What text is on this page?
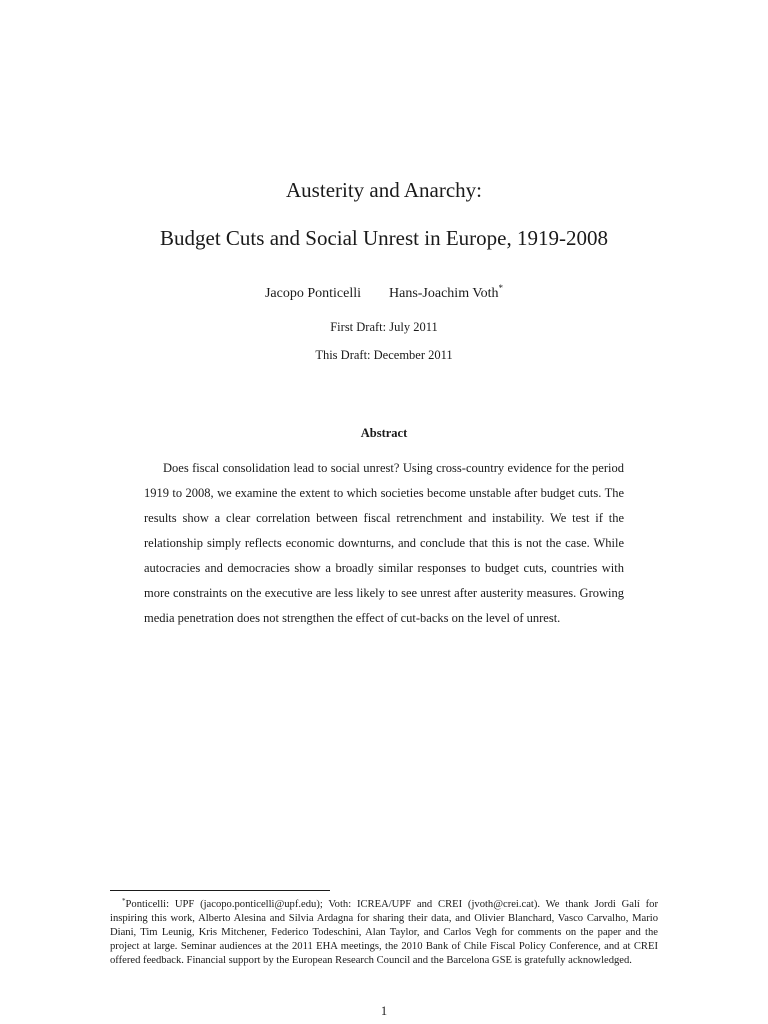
Austerity and Anarchy:
Budget Cuts and Social Unrest in Europe, 1919-2008
Jacopo Ponticelli Hans-Joachim Voth*
First Draft: July 2011
This Draft: December 2011
Abstract
Does fiscal consolidation lead to social unrest? Using cross-country evidence for the period 1919 to 2008, we examine the extent to which societies become unstable after budget cuts. The results show a clear correlation between fiscal retrenchment and instability. We test if the relationship simply reflects economic downturns, and conclude that this is not the case. While autocracies and democracies show a broadly similar responses to budget cuts, countries with more constraints on the executive are less likely to see unrest after austerity measures. Growing media penetration does not strengthen the effect of cut-backs on the level of unrest.
*Ponticelli: UPF (jacopo.ponticelli@upf.edu); Voth: ICREA/UPF and CREI (jvoth@crei.cat). We thank Jordi Galí for inspiring this work, Alberto Alesina and Silvia Ardagna for sharing their data, and Olivier Blanchard, Vasco Carvalho, Mario Diani, Tim Leunig, Kris Mitchener, Federico Todeschini, Alan Taylor, and Carlos Vegh for comments on the paper and the project at large. Seminar audiences at the 2011 EHA meetings, the 2010 Bank of Chile Fiscal Policy Conference, and at CREI offered feedback. Financial support by the European Research Council and the Barcelona GSE is gratefully acknowledged.
1
